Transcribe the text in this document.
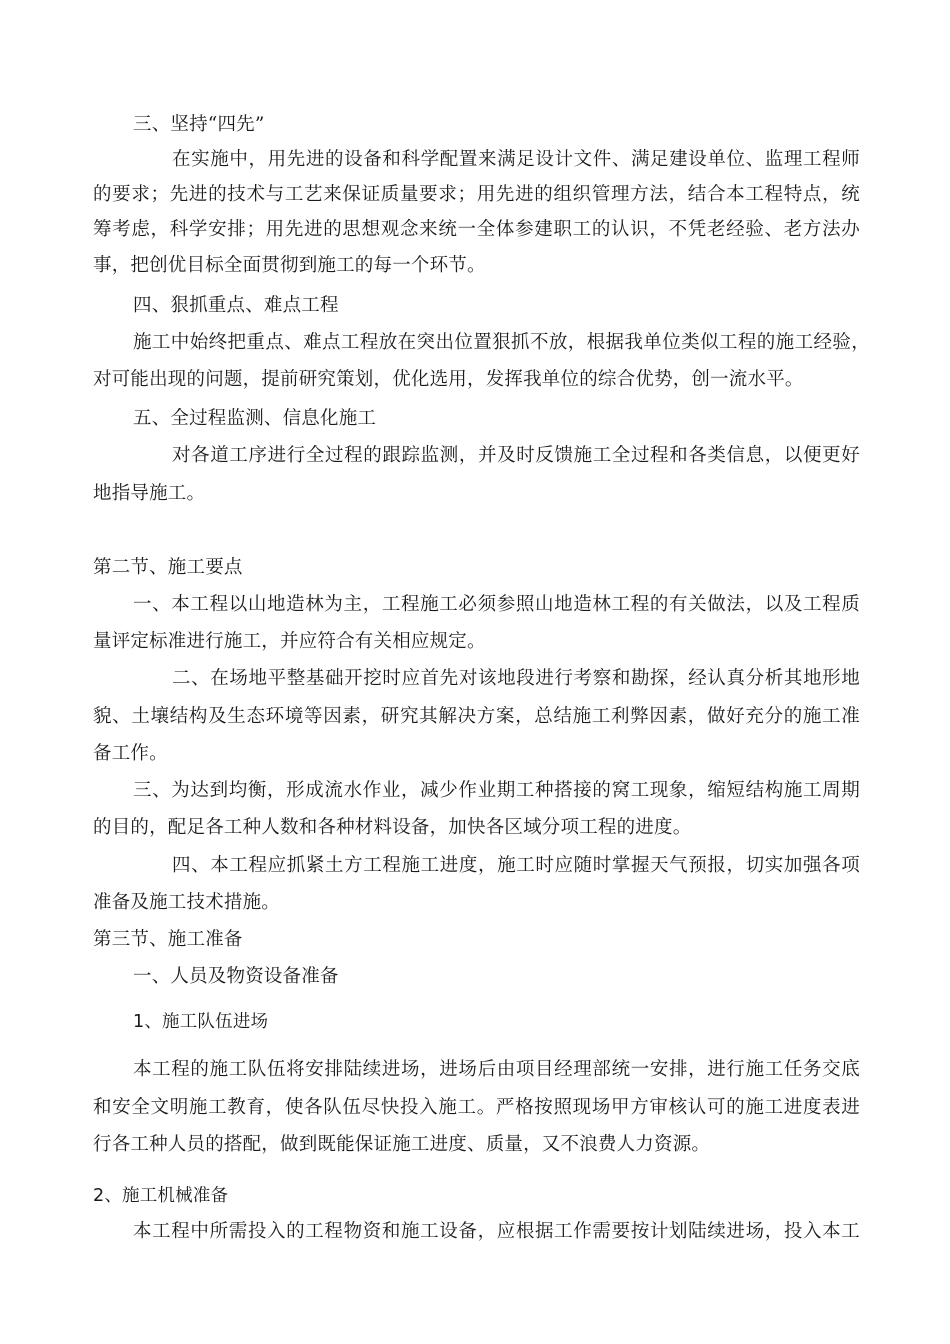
三、坚持“四先”
在实施中，用先进的设备和科学配置来满足设计文件、满足建设单位、监理工程师
的要求；先进的技术与工艺来保证质量要求；用先进的组织管理方法，结合本工程特点，统
筹考虑，科学安排；用先进的思想观念来统一全体参建职工的认识，不凭老经验、老方法办
事，把创优目标全面贯彻到施工的每一个环节。
四、狠抓重点、难点工程
施工中始终把重点、难点工程放在突出位置狠抓不放，根据我单位类似工程的施工经验，
对可能出现的问题，提前研究策划，优化选用，发挥我单位的综合优势，创一流水平。
五、全过程监测、信息化施工
对各道工序进行全过程的跟踪监测，并及时反馈施工全过程和各类信息，以便更好
地指导施工。
第二节、施工要点
一、本工程以山地造林为主，工程施工必须参照山地造林工程的有关做法，以及工程质
量评定标准进行施工，并应符合有关相应规定。
二、在场地平整基础开挖时应首先对该地段进行考察和勘探，经认真分析其地形地
貌、土壤结构及生态环境等因素，研究其解决方案，总结施工利弊因素，做好充分的施工准
备工作。
三、为达到均衡，形成流水作业，减少作业期工种搭接的窝工现象，缩短结构施工周期
的目的，配足各工种人数和各种材料设备，加快各区域分项工程的进度。
四、本工程应抓紧土方工程施工进度，施工时应随时掌握天气预报，切实加强各项
准备及施工技术措施。
第三节、施工准备
一、人员及物资设备准备
1、施工队伍进场
本工程的施工队伍将安排陆续进场，进场后由项目经理部统一安排，进行施工任务交底
和安全文明施工教育，使各队伍尽快投入施工。严格按照现场甲方审核认可的施工进度表进
行各工种人员的搭配，做到既能保证施工进度、质量，又不浪费人力资源。
2、施工机械准备
本工程中所需投入的工程物资和施工设备，应根据工作需要按计划陆续进场，投入本工
